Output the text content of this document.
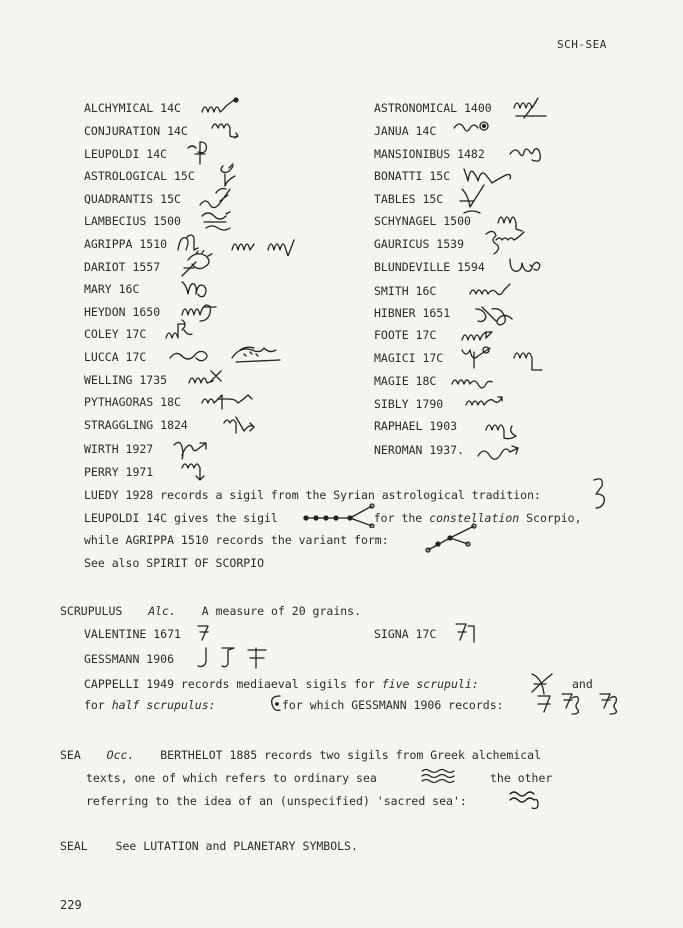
SCH-SEA
ALCHYMICAL 14C
CONJURATION 14C
LEUPOLDI 14C
ASTROLOGICAL 15C
QUADRANTIS 15C
LAMBECIUS 1500
AGRIPPA 1510
DARIOT 1557
MARY 16C
HEYDON 1650
COLEY 17C
LUCCA 17C
WELLING 1735
PYTHAGORAS 18C
STRAGGLING 1824
WIRTH 1927
PERRY 1971
ASTRONOMICAL 1400
JANUA 14C
MANSIONIBUS 1482
BONATTI 15C
TABLES 15C
SCHYNAGEL 1500
GAURICUS 1539
BLUNDEVILLE 1594
SMITH 16C
HIBNER 1651
FOOTE 17C
MAGICI 17C
MAGIE 18C
SIBLY 1790
RAPHAEL 1903
NEROMAN 1937.
LUEDY 1928 records a sigil from the Syrian astrological tradition:
LEUPOLDI 14C gives the sigil	for the constellation Scorpio,
while AGRIPPA 1510 records the variant form:
See also SPIRIT OF SCORPIO
SCRUPULUS Alc. A measure of 20 grains.
VALENTINE 1671	SIGNA 17C
GESSMANN 1906
CAPPELLI 1949 records mediaeval sigils for five scrupuli:	and
for half scrupulus:	for which GESSMANN 1906 records:
SEA Occ. BERTHELOT 1885 records two sigils from Greek alchemical
texts, one of which refers to ordinary sea	the other
referring to the idea of an (unspecified) 'sacred sea':
SEAL See LUTATION and PLANETARY SYMBOLS.
229
